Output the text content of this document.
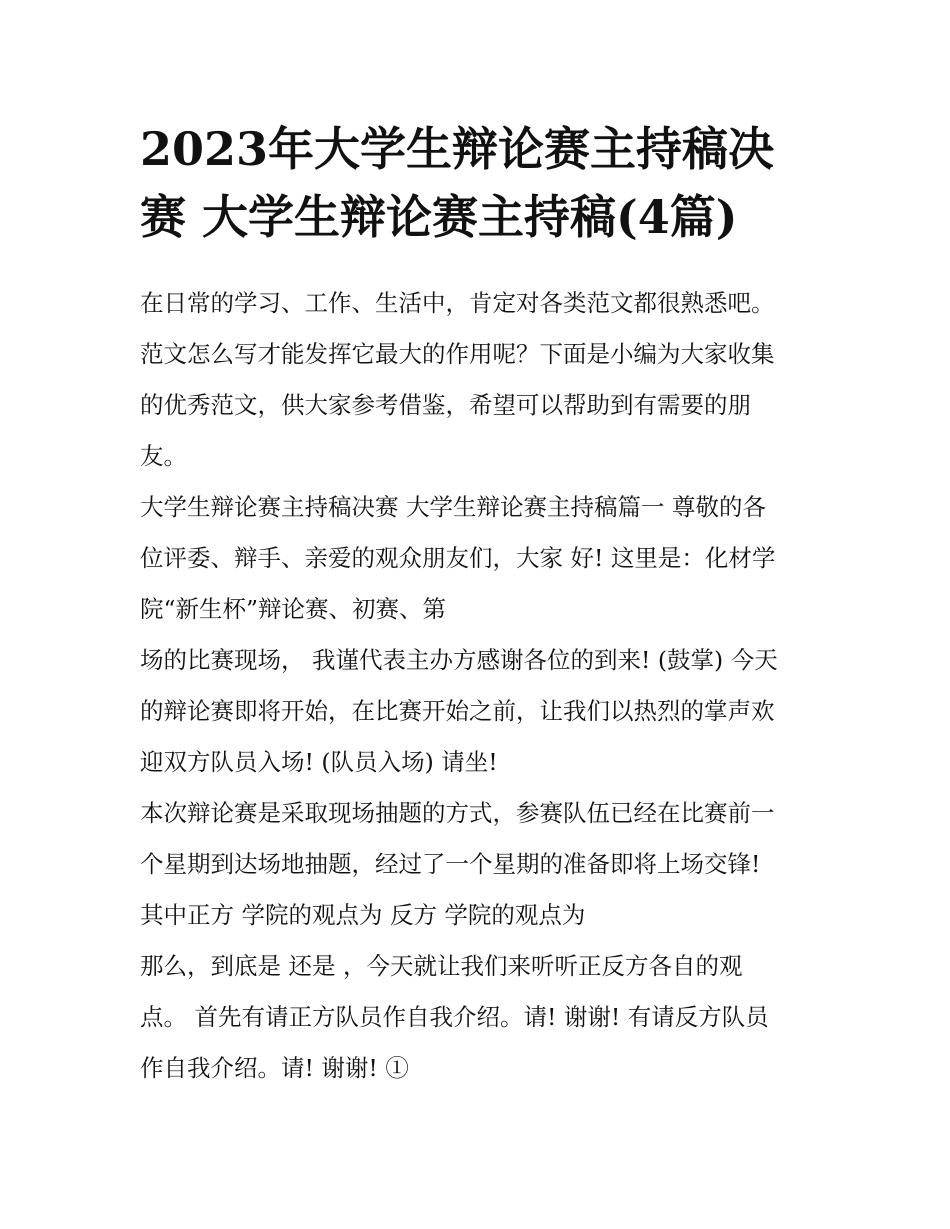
2023年大学生辩论赛主持稿决
赛 大学生辩论赛主持稿(4篇)
在日常的学习、工作、生活中，肯定对各类范文都很熟悉吧。
范文怎么写才能发挥它最大的作用呢？下面是小编为大家收集
的优秀范文，供大家参考借鉴，希望可以帮助到有需要的朋
友。
大学生辩论赛主持稿决赛 大学生辩论赛主持稿篇一 尊敬的各
位评委、辩手、亲爱的观众朋友们，大家 好! 这里是：化材学
院“新生杯”辩论赛、初赛、第
场的比赛现场， 我谨代表主办方感谢各位的到来! (鼓掌) 今天
的辩论赛即将开始，在比赛开始之前，让我们以热烈的掌声欢
迎双方队员入场! (队员入场) 请坐!
本次辩论赛是采取现场抽题的方式，参赛队伍已经在比赛前一
个星期到达场地抽题，经过了一个星期的准备即将上场交锋!
其中正方 学院的观点为 反方 学院的观点为
那么，到底是 还是 ，今天就让我们来听听正反方各自的观
点。 首先有请正方队员作自我介绍。请! 谢谢! 有请反方队员
作自我介绍。请! 谢谢! ①
